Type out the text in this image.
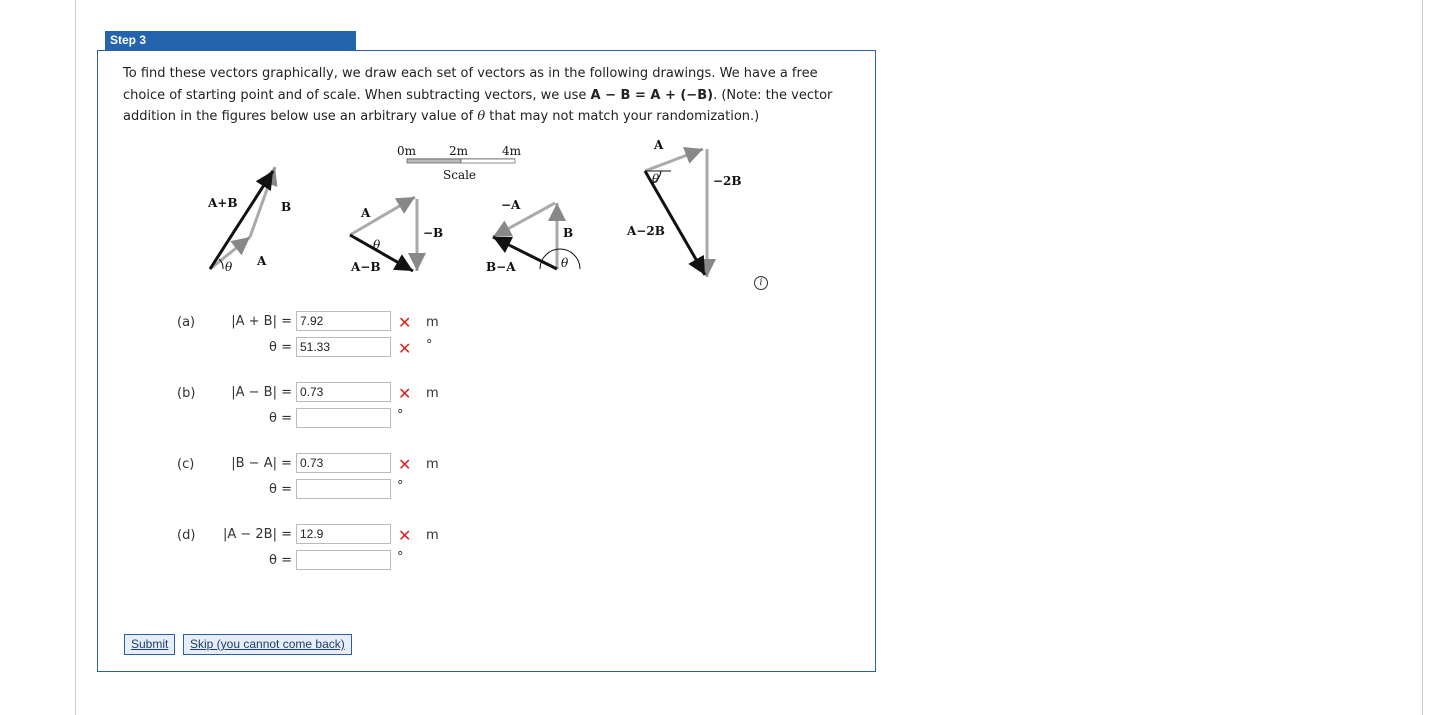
Step 3
To find these vectors graphically, we draw each set of vectors as in the following drawings. We have a free
choice of starting point and of scale. When subtracting vectors, we use A − B = A + (−B). (Note: the vector
addition in the figures below use an arbitrary value of θ that may not match your randomization.)
0m	2m	4m
Scale
A+B	B
A
θ
A
−B
A−B
θ
−A
B
B−A	θ
A
−2B
A−2B
θ
i
(a)	|A + B| =
7.92	✕ m
θ =
51.33	✕ °
(b)	|A − B| =
0.73	✕ m
θ =	°
(c)	|B − A| =
0.73	✕ m
θ =	°
(d)	|A − 2B| =
12.9	✕ m
θ =	°
Submit	Skip (you cannot come back)
